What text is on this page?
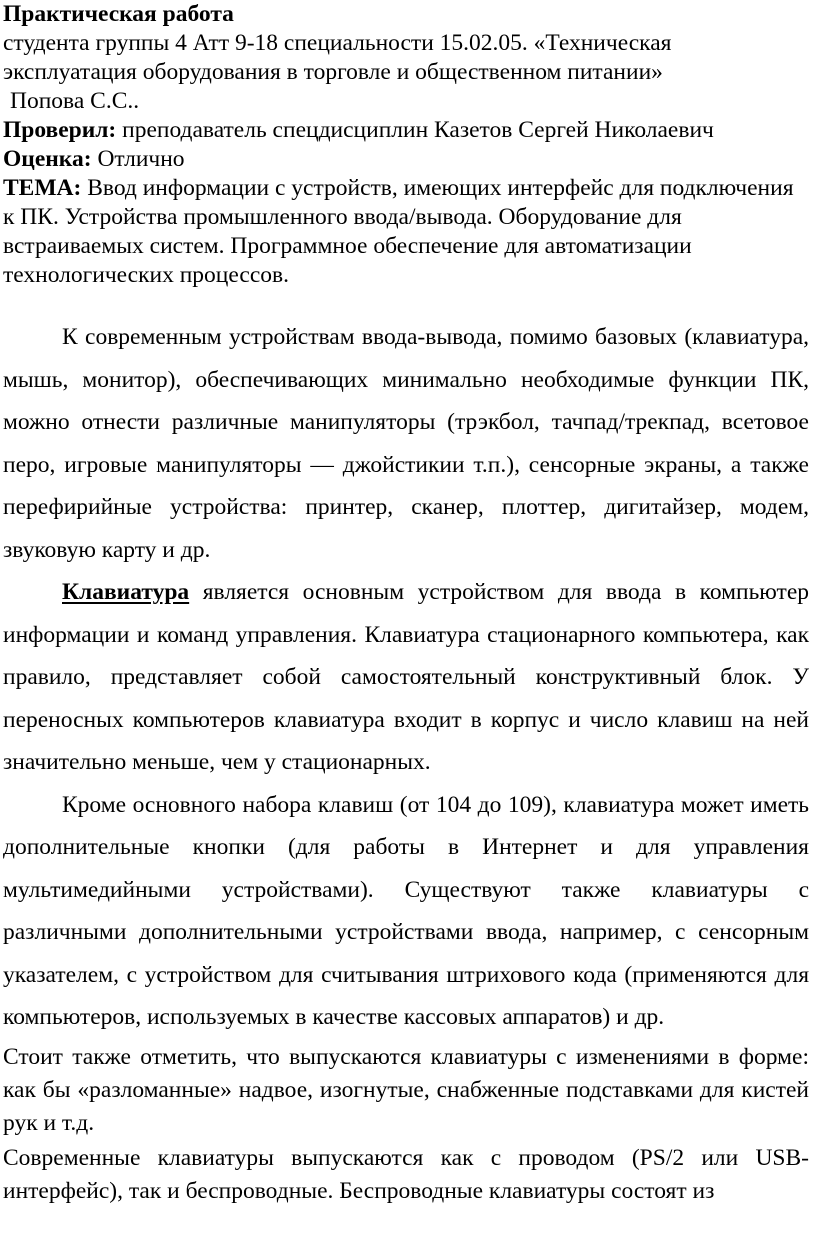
Практическая работа

студента группы 4 Атт 9-18 специальности 15.02.05. «Техническая эксплуатация оборудования в торговле и общественном питании»

Попова С.С..

Проверил: преподаватель спецдисциплин Казетов Сергей Николаевич

Оценка: Отлично

ТЕМА: Ввод информации с устройств, имеющих интерфейс для подключения к ПК. Устройства промышленного ввода/вывода. Оборудование для встраиваемых систем. Программное обеспечение для автоматизации технологических процессов.

К современным устройствам ввода-вывода, помимо базовых (клавиатура, мышь, монитор), обеспечивающих минимально необходимые функции ПК, можно отнести различные манипуляторы (трэкбол, тачпад/трекпад, всетовое перо, игровые манипуляторы — джойстикии т.п.), сенсорные экраны, а также перефирийные устройства: принтер, сканер, плоттер, дигитайзер, модем, звуковую карту и др.

Клавиатура является основным устройством для ввода в компьютер информации и команд управления. Клавиатура стационарного компьютера, как правило, представляет собой самостоятельный конструктивный блок. У переносных компьютеров клавиатура входит в корпус и число клавиш на ней значительно меньше, чем у стационарных.

Кроме основного набора клавиш (от 104 до 109), клавиатура может иметь дополнительные кнопки (для работы в Интернет и для управления мультимедийными устройствами). Существуют также клавиатуры с различными дополнительными устройствами ввода, например, с сенсорным указателем, с устройством для считывания штрихового кода (применяются для компьютеров, используемых в качестве кассовых аппаратов) и др.

Стоит также отметить, что выпускаются клавиатуры с изменениями в форме: как бы «разломанные» надвое, изогнутые, снабженные подставками для кистей рук и т.д.

Современные клавиатуры выпускаются как с проводом (PS/2 или USB-интерфейс), так и беспроводные. Беспроводные клавиатуры состоят из
